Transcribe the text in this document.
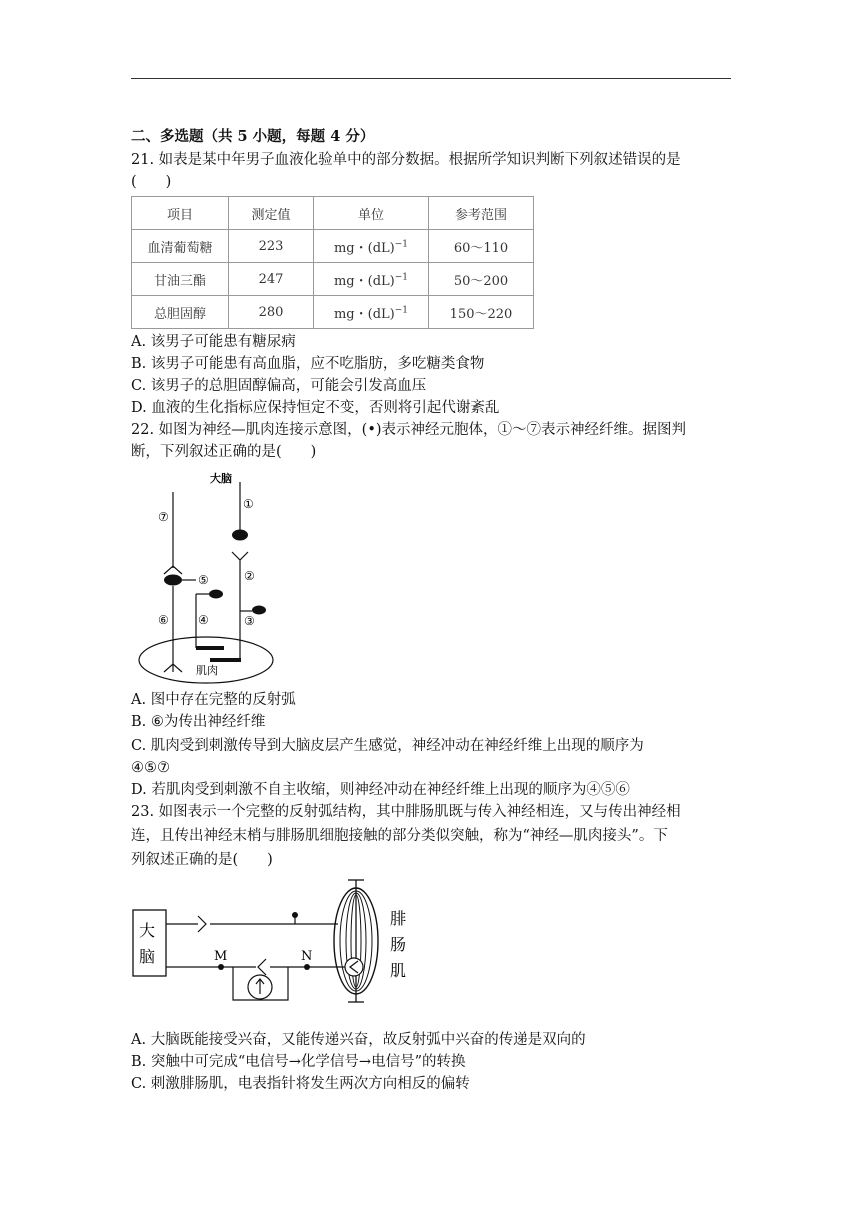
二、多选题（共 5 小题，每题 4 分）
21. 如表是某中年男子血液化验单中的部分数据。根据所学知识判断下列叙述错误的是
(　　)
项目	测定值	单位	参考范围
血清葡萄糖	223	mg・(dL)$^{-1}$	60～110
甘油三酯	247	mg・(dL)$^{-1}$	50～200
总胆固醇	280	mg・(dL)$^{-1}$	150～220
A. 该男子可能患有糖尿病
B. 该男子可能患有高血脂，应不吃脂肪，多吃糖类食物
C. 该男子的总胆固醇偏高，可能会引发高血压
D. 血液的生化指标应保持恒定不变，否则将引起代谢紊乱
22. 如图为神经—肌肉连接示意图，(•)表示神经元胞体，①～⑦表示神经纤维。据图判
断，下列叙述正确的是(　　)
肌肉
大脑
①
②
③
⑦
⑥
⑤
④
A. 图中存在完整的反射弧
B. ⑥为传出神经纤维
C. 肌肉受到刺激传导到大脑皮层产生感觉，神经冲动在神经纤维上出现的顺序为
④⑤⑦
D. 若肌肉受到刺激不自主收缩，则神经冲动在神经纤维上出现的顺序为④⑤⑥
23. 如图表示一个完整的反射弧结构，其中腓肠肌既与传入神经相连，又与传出神经相
连，且传出神经末梢与腓肠肌细胞接触的部分类似突触，称为“神经—肌肉接头”。下
列叙述正确的是(　　)
大
脑	M	N
腓
肠
肌
A. 大脑既能接受兴奋，又能传递兴奋，故反射弧中兴奋的传递是双向的
B. 突触中可完成“电信号→化学信号→电信号”的转换
C. 刺激腓肠肌，电表指针将发生两次方向相反的偏转
